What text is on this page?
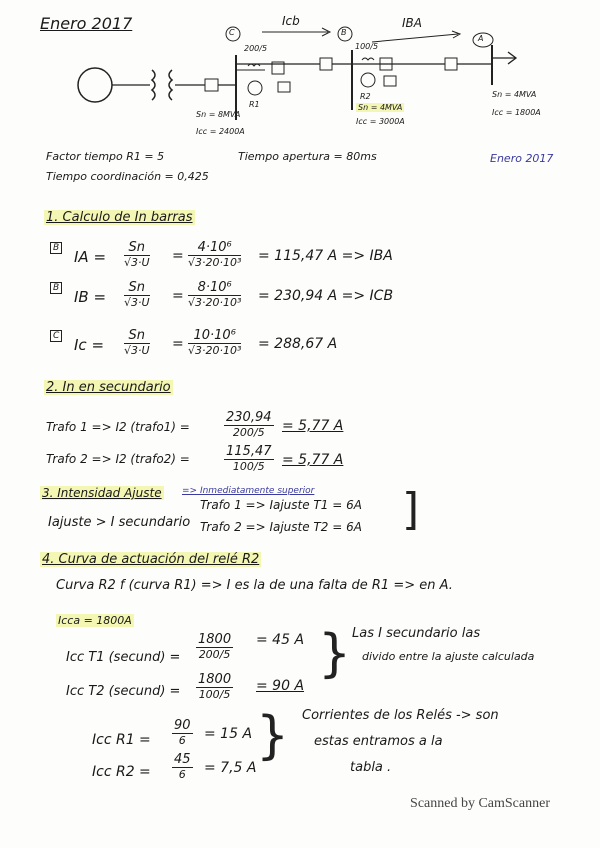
Enero 2017
Enero 2017
C	B
A
Icb	IBA
200/5	100/5
R1
R2
Sn = 8MVA
Icc = 2400A
Sn = 4MVA
Icc = 3000A
Sn = 4MVA
Icc = 1800A
Factor tiempo R1 = 5	Tiempo apertura = 80ms
Tiempo coordinación = 0,425
1. Calculo de In barras
B IA =
Sn
√3·U =
4·10⁶
√3·20·10³ = 115,47 A => IBA
B IB =
Sn
√3·U =
8·10⁶
√3·20·10³ = 230,94 A => ICB
C Ic =
Sn
√3·U =
10·10⁶
√3·20·10³ = 288,67 A
2. In en secundario
Trafo 1 => I2 (trafo1) =
230,94
200/5	= 5,77 A
Trafo 2 => I2 (trafo2) =	115,47
100/5	= 5,77 A
3. Intensidad Ajuste => Inmediatamente superior
Iajuste > I secundario
Trafo 1 => Iajuste T1 = 6A
Trafo 2 => Iajuste T2 = 6A ]
4. Curva de actuación del relé R2
Curva R2 f (curva R1) => I es la de una falta de R1 => en A.
Icca = 1800A
Icc T1 (secund) =
1800
200/5
= 45 A
Icc T2 (secund) =
1800
100/5
= 90 A
} Las I secundario las
divido entre la ajuste calculada
Icc R1 =
90
6	= 15 A
Icc R2 =
45
6	= 7,5 A
} Corrientes de los Relés -> son
estas entramos a la
tabla .
Scanned by CamScanner
